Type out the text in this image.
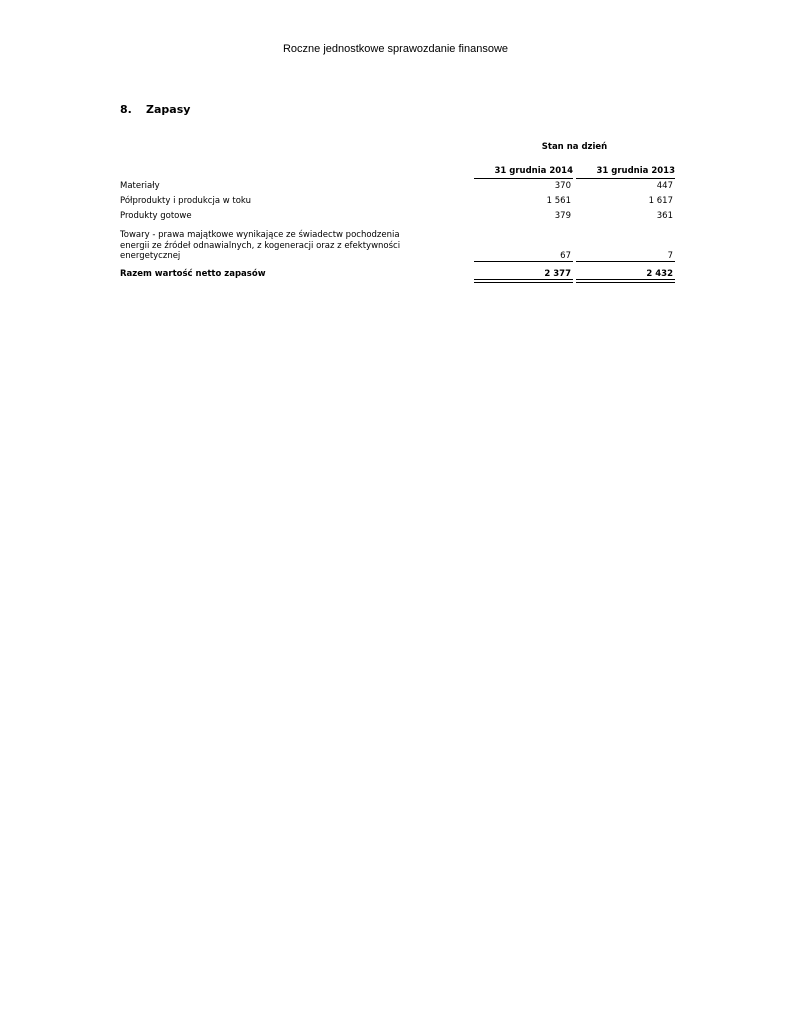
Roczne jednostkowe sprawozdanie finansowe
8. Zapasy
Stan na dzień
31 grudnia 2014	31 grudnia 2013
Materiały	370	447
Półprodukty i produkcja w toku	1 561	1 617
Produkty gotowe	379	361
Towary - prawa majątkowe wynikające ze świadectw pochodzenia energii ze źródeł odnawialnych, z kogeneracji oraz z efektywności energetycznej	67	7
Razem wartość netto zapasów	2 377	2 432
